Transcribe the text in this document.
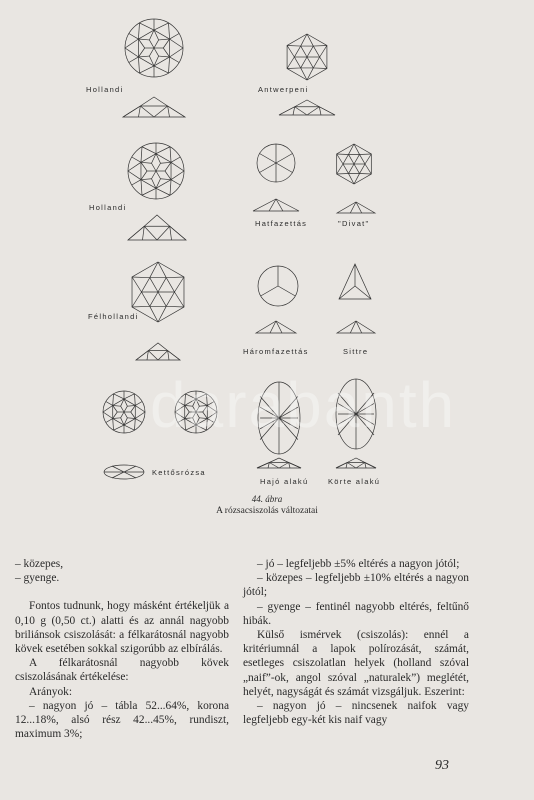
Hollandi	Antwerpeni
Hollandi
Hatfazettás	"Divat"
Félhollandi
Háromfazettás	Sittre
Kettősrózsa
Hajó alakú	Körte alakú
44. ábra
A rózsacsiszolás változatai
darabanth

– közepes,

– gyenge.

Fontos tudnunk, hogy másként értékeljük a 0,10 g (0,50 ct.) alatti és az annál nagyobb briliánsok csiszolását: a félkarátosnál nagyobb kövek esetében sokkal szigorúbb az elbírálás.

A félkarátosnál nagyobb kövek csiszolásának értékelése:

Arányok:

– nagyon jó – tábla 52...64%, korona 12...18%, alsó rész 42...45%, rundiszt, maximum 3%;

– jó – legfeljebb ±5% eltérés a nagyon jótól;

– közepes – legfeljebb ±10% eltérés a nagyon jótól;

– gyenge – fentinél nagyobb eltérés, feltűnő hibák.

Külső ismérvek (csiszolás): ennél a kritériumnál a lapok polírozását, számát, esetleges csiszolatlan helyek (holland szóval „naif”-ok, angol szóval „naturalek”) meglétét, helyét, nagyságát és számát vizsgáljuk. Eszerint:

– nagyon jó – nincsenek naifok vagy legfeljebb egy-két kis naif vagy

93
